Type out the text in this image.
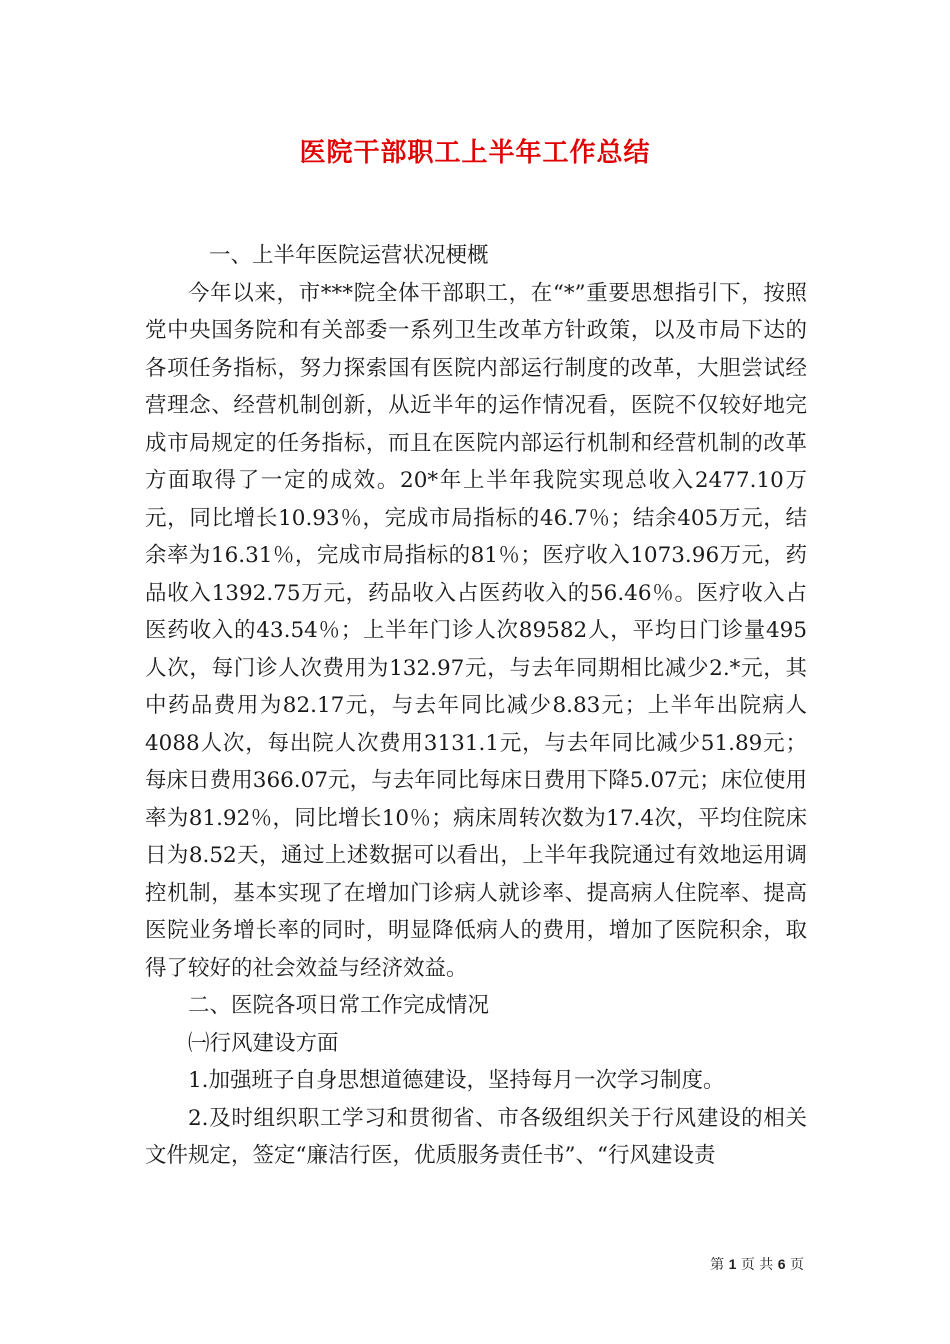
医院干部职工上半年工作总结

一、上半年医院运营状况梗概

今年以来，市***院全体干部职工，在“*”重要思想指引下，按照党中央国务院和有关部委一系列卫生改革方针政策，以及市局下达的各项任务指标，努力探索国有医院内部运行制度的改革，大胆尝试经营理念、经营机制创新，从近半年的运作情况看，医院不仅较好地完成市局规定的任务指标，而且在医院内部运行机制和经营机制的改革方面取得了一定的成效。20*年上半年我院实现总收入2477.10万元，同比增长10.93％，完成市局指标的46.7％；结余405万元，结余率为16.31％，完成市局指标的81％；医疗收入1073.96万元，药品收入1392.75万元，药品收入占医药收入的56.46％。医疗收入占医药收入的43.54％；上半年门诊人次89582人，平均日门诊量495人次，每门诊人次费用为132.97元，与去年同期相比减少2.*元，其中药品费用为82.17元，与去年同比减少8.83元；上半年出院病人4088人次，每出院人次费用3131.1元，与去年同比减少51.89元；每床日费用366.07元，与去年同比每床日费用下降5.07元；床位使用率为81.92％，同比增长10％；病床周转次数为17.4次，平均住院床日为8.52天，通过上述数据可以看出，上半年我院通过有效地运用调控机制，基本实现了在增加门诊病人就诊率、提高病人住院率、提高医院业务增长率的同时，明显降低病人的费用，增加了医院积余，取得了较好的社会效益与经济效益。

二、医院各项日常工作完成情况

㈠行风建设方面

1.加强班子自身思想道德建设，坚持每月一次学习制度。

2.及时组织职工学习和贯彻省、市各级组织关于行风建设的相关文件规定，签定“廉洁行医，优质服务责任书”、“行风建设责

第 1 页 共 6 页
